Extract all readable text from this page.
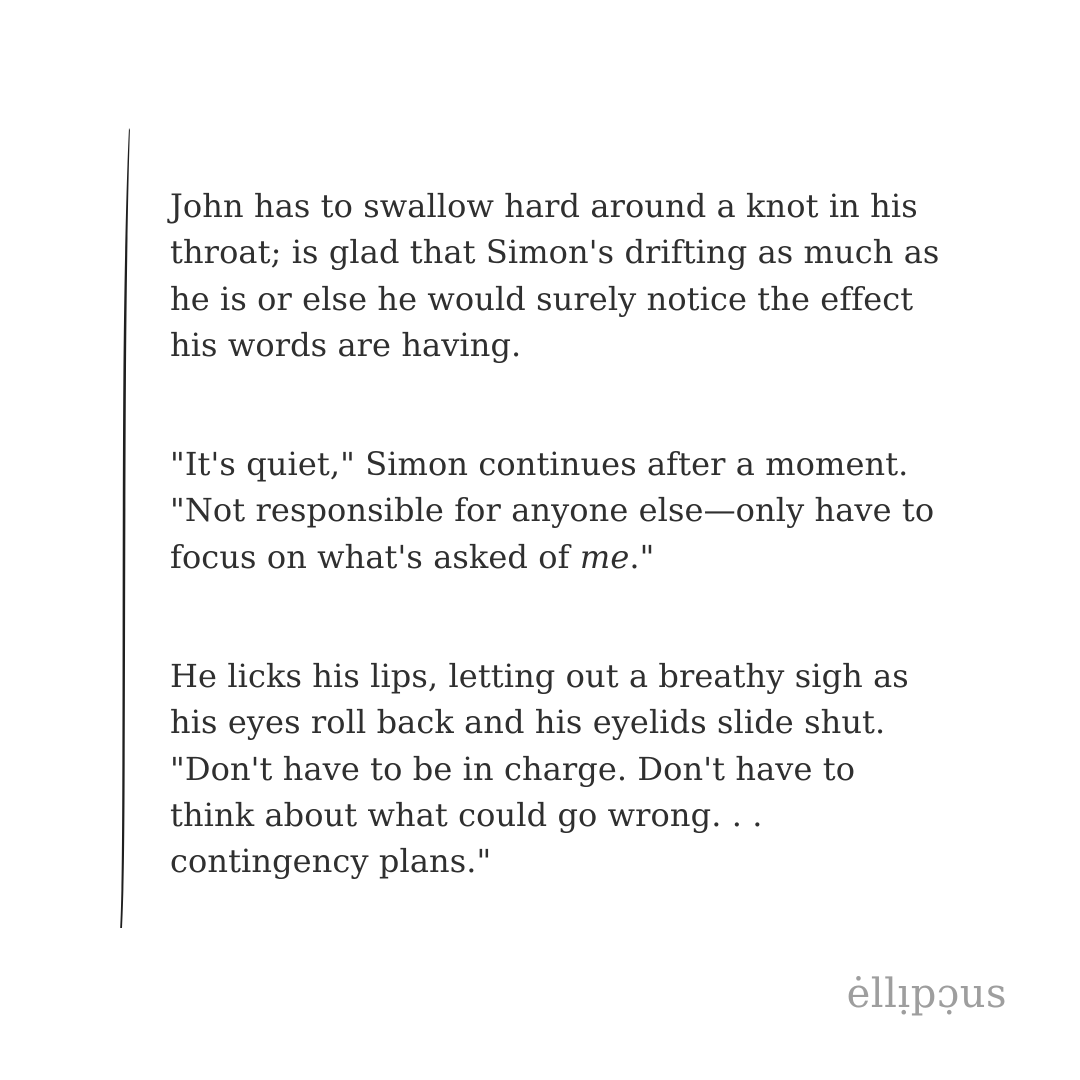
John has to swallow hard around a knot in his
throat; is glad that Simon's drifting as much as
he is or else he would surely notice the effect
his words are having.
"It's quiet," Simon continues after a moment.
"Not responsible for anyone else—only have to
focus on what's asked of me."
He licks his lips, letting out a breathy sigh as
his eyes roll back and his eyelids slide shut.
"Don't have to be in charge. Don't have to
think about what could go wrong. . .
contingency plans."
ėllı̣pɔ̣us
